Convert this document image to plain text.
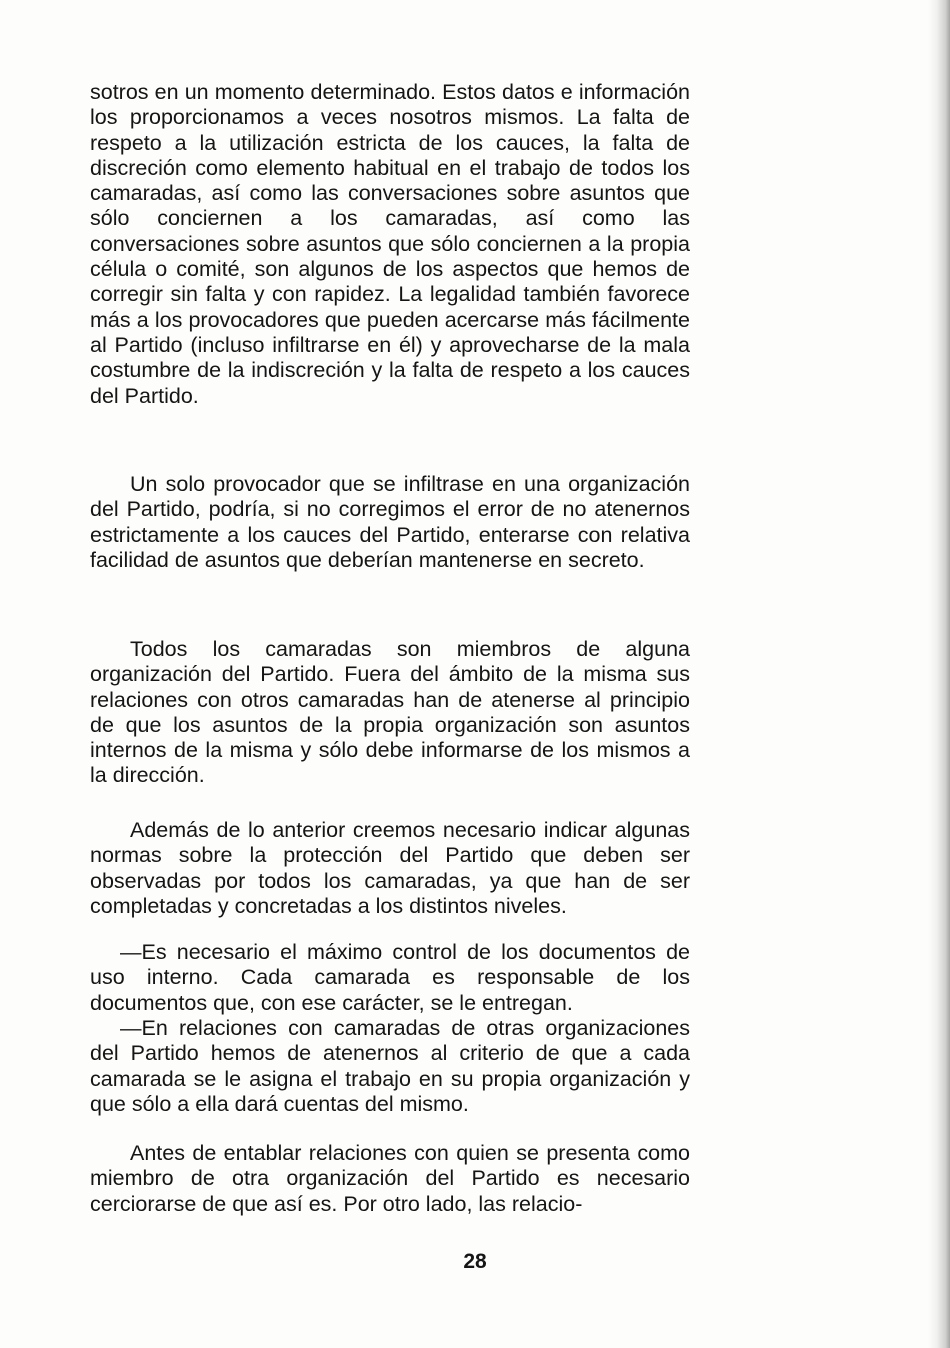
sotros en un momento determinado. Estos datos e información los proporcionamos a veces nosotros mismos. La falta de respeto a la utilización estricta de los cauces, la falta de discreción como elemento habitual en el trabajo de todos los camaradas, así como las conversaciones sobre asuntos que sólo conciernen a los camaradas, así como las conversaciones sobre asuntos que sólo conciernen a la propia célula o comité, son algunos de los aspectos que hemos de corregir sin falta y con rapidez. La legalidad también favorece más a los provocadores que pueden acercarse más fácilmente al Partido (incluso infiltrarse en él) y aprovecharse de la mala costumbre de la indiscreción y la falta de respeto a los cauces del Partido.

Un solo provocador que se infiltrase en una organización del Partido, podría, si no corregimos el error de no atenernos estrictamente a los cauces del Partido, enterarse con relativa facilidad de asuntos que deberían mantenerse en secreto.

Todos los camaradas son miembros de alguna organización del Partido. Fuera del ámbito de la misma sus relaciones con otros camaradas han de atenerse al principio de que los asuntos de la propia organización son asuntos internos de la misma y sólo debe informarse de los mismos a la dirección.

Además de lo anterior creemos necesario indicar algunas normas sobre la protección del Partido que deben ser observadas por todos los camaradas, ya que han de ser completadas y concretadas a los distintos niveles.

—Es necesario el máximo control de los documentos de uso interno. Cada camarada es responsable de los documentos que, con ese carácter, se le entregan.

—En relaciones con camaradas de otras organizaciones del Partido hemos de atenernos al criterio de que a cada camarada se le asigna el trabajo en su propia organización y que sólo a ella dará cuentas del mismo.

Antes de entablar relaciones con quien se presenta como miembro de otra organización del Partido es necesario cerciorarse de que así es. Por otro lado, las relacio-

28
